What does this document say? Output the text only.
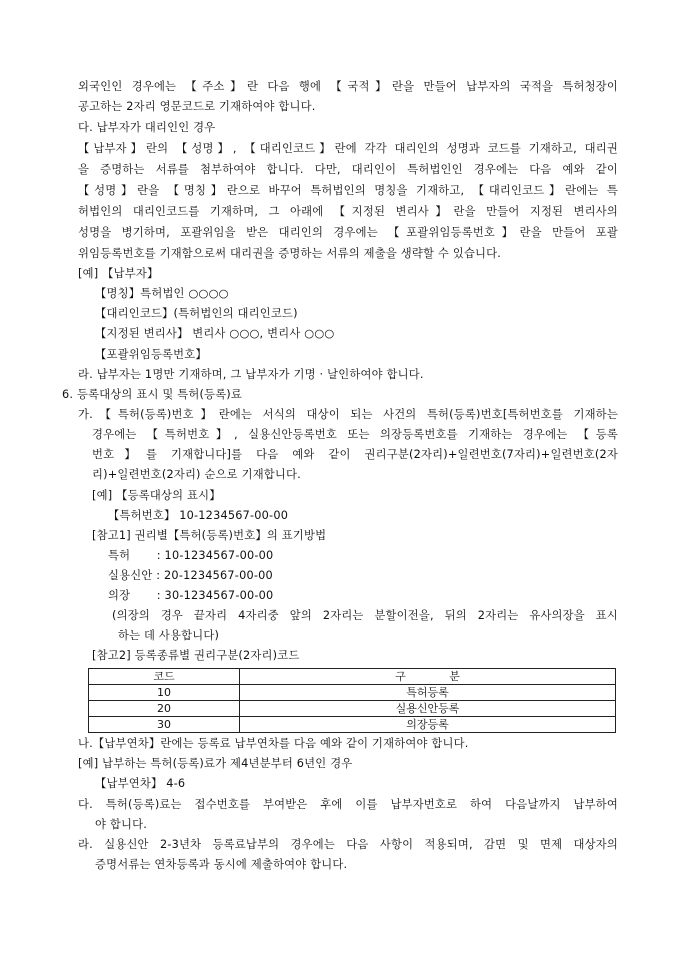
외국인인 경우에는 【주소】란 다음 행에 【국적】란을 만들어 납부자의 국적을 특허청장이
공고하는 2자리 영문코드로 기재하여야 합니다.
다. 납부자가 대리인인 경우
【납부자】란의 【성명】, 【대리인코드】란에 각각 대리인의 성명과 코드를 기재하고, 대리권
을 증명하는 서류를 첨부하여야 합니다. 다만, 대리인이 특허법인인 경우에는 다음 예와 같이
【성명】란을 【명칭】란으로 바꾸어 특허법인의 명칭을 기재하고, 【대리인코드】란에는 특
허법인의 대리인코드를 기재하며, 그 아래에 【지정된 변리사】란을 만들어 지정된 변리사의
성명을 병기하며, 포괄위임을 받은 대리인의 경우에는 【포괄위임등록번호】란을 만들어 포괄
위임등록번호를 기재함으로써 대리권을 증명하는 서류의 제출을 생략할 수 있습니다.
[예] 【납부자】
【명칭】특허법인 ○○○○
【대리인코드】(특허법인의 대리인코드)
【지정된 변리사】 변리사 ○○○, 변리사 ○○○
【포괄위임등록번호】
라. 납부자는 1명만 기재하며, 그 납부자가 기명 · 날인하여야 합니다.
6. 등록대상의 표시 및 특허(등록)료
가.【특허(등록)번호】란에는 서식의 대상이 되는 사건의 특허(등록)번호[특허번호를 기재하는
경우에는 【특허번호】, 실용신안등록번호 또는 의장등록번호를 기재하는 경우에는 【등록
번호】를 기재합니다]를 다음 예와 같이 권리구분(2자리)+일련번호(7자리)+일련번호(2자
리)+일련번호(2자리) 순으로 기재합니다.
[예] 【등록대상의 표시】
【특허번호】 10-1234567-00-00
[참고1] 권리별【특허(등록)번호】의 표기방법
특허       : 10-1234567-00-00
실용신안 : 20-1234567-00-00
의장       : 30-1234567-00-00
(의장의 경우 끝자리 4자리중 앞의 2자리는 분할이전을, 뒤의 2자리는 유사의장을 표시
하는 데 사용합니다)
[참고2] 등록종류별 권리구분(2자리)코드
코드	구 분
10	특허등록
20	실용신안등록
30	의장등록
나.【납부연차】란에는 등록료 납부연차를 다음 예와 같이 기재하여야 합니다.
[예] 납부하는 특허(등록)료가 제4년분부터 6년인 경우
【납부연차】 4-6
다. 특허(등록)료는 접수번호를 부여받은 후에 이를 납부자번호로 하여 다음날까지 납부하여
야 합니다.
라. 실용신안 2-3년차 등록료납부의 경우에는 다음 사항이 적용되며, 감면 및 면제 대상자의
증명서류는 연차등록과 동시에 제출하여야 합니다.
